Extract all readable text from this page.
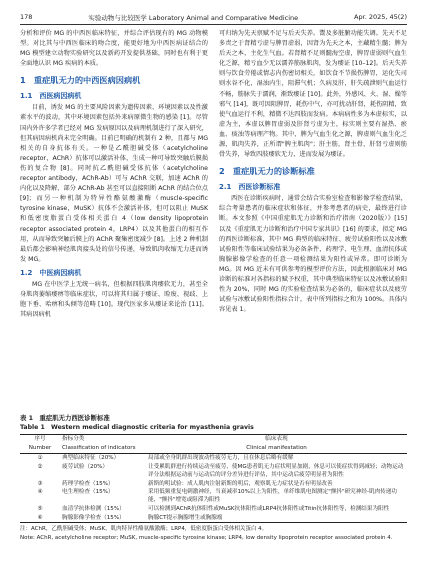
178	实验动物与比较医学 Laboratory Animal and Comparative Medicine	Apr. 2025, 45(2)

分析和评价 MG 的中西医临床特征，并综合评估现有的 MG 动物模型。对比其与中西医临床的吻合度，能更好地为中西医病证结合的 MG 模型建立动物实验研究以及新药开发提供基础，同时也有利于更全面地认识 MG 疾病的本质。

1　重症肌无力的中西医病因病机
1.1　西医病因病机

目前，诱发 MG 的主要风险因素为遗传因素、环境因素以及性激素水平的波动，其中环境因素包括外来病原微生物的感染 [1]。尽管国内外许多学者已经对 MG 发病原因以及病理机制进行了深入研究，但其病因病机尚未完全明确。目前已明确的机制有 2 种，且都与 MG 相关的自身抗体有关。一种是乙酰胆碱受体（acetylcholine receptor，AChR）抗体可以激活补体，生成一种可导致突触后膜损伤的复合物 [8]。同时抗乙酰胆碱受体抗体（acetylcholine receptor antibody，AChR-Ab）可与 AChR 交联，加速 AChR 的内化以及降解，部分 AChR-Ab 甚至可以直接阻断 AChR 的结合位点 [9]；而另一种机制为特异性酪氨酸激酶（muscle-specific tyrosine kinase，MuSK）抗体不会激活补体，但可以阻止 MuSK 和低密度脂蛋白受体相关蛋白 4（low density lipoprotein receptor associated protein 4，LRP4）以及其他蛋白的相互作用，从而导致突触后膜上的 AChR 聚集密度减少 [8]。上述 2 种机制最后都会影响神经肌肉接头处的信号传递，导致肌肉收缩无力进而诱发 MG。

1.2　中医病因病机

MG 在中医学上无统一病名，但根据四肢肌肉痿软无力，甚至全身肌肉萎缩痿痹等临床症状，可以将其归属于痿证、睑废、视歧、上胞下垂、哈痹和头倾等范畴 [10]。现代医家多从痿证来论治 [11]。其病因病机

可归纳为先天禀赋不足与后天失养。鬻及多脏腑功能失调。先天不足多责之于肾精亏虚与脾胃虚弱，因肾为先天之本，主藏精生髓；脾为后天之本，主化生气血。若肾精不足则髓海空虚，脾胃虚弱则气血生化乏源，精亏血少无以濡养筋脉肌肉，发为痿证 [10–12]。后天失养则与饮食劳倦或情志内伤密切相关，如饮食不节损伤脾胃，运化失司则水谷不化，湿浊内生，阻滞气机；久病及肝，肝失疏泄则气血运行不畅，筋脉失于濡润，渐致痿证 [10]。此外，外感风、火、湿、燥等邪气 [14]，既可因阻脾胃，耗伤中气，亦可扰动肝肾，耗伤阴精，致使气血运行不利，精微不达四肢而发病。本病病性多为本虚标实，以虚为主，本虚以脾胃虚弱及肝肾亏虚为主，标实则主要有湿热、瘀血、痰浊等病理产物。其中，脾为气血生化之源，脾虚则气血生化乏源，肌肉失养，正所谓"脾主肌肉"；肝主筋，肾主骨，肝肾亏虚则筋骨失养，导致四肢痿软无力，进而发展为痿证。

2　重症肌无力的诊断标准
2.1　西医诊断标准

西医在诊断疾病时，通常会结合实验室检查和影像学检查结果，综合考量患者的临床症状和体征，并参考患者的病史，最终进行诊断。本文参照《中国重症肌无力诊断和治疗指南（2020版）》[15] 以及《重症肌无力诊断和治疗中国专家共识》[16] 的要求，拟定 MG 的西医诊断标准，其中 MG 典型的临床特征、疲劳试验阳性以及冰敷试验阳性等临床试验结果为必备条件，药理学、电生理、血清抗体或胸腺影像学检查的任意一项检测结果为阳性或异常。即可诊断为 MG。因 MG 近未有可供参考的模型评价方法，因此根据临床对 MG 诊断的标准对各指标的赋予权重，其中典型临床特征以及冰敷试验阳性为 20%，同时 MG 的实验检查结果为必备的，临床症状以及疲劳试验与冰敷试验阳性指标合计，表中所列指标之和为 100%。具体内容见表 1。

表 1　重症肌无力西医诊断标准
Table 1　Western medical diagnostic criteria for myasthenia gravis
序号	指标分类	临床表现
Number	Classification of indicators	Clinical manifestation
①	典型临床特征（20%）	局部或全身肌群出现波动性疲劳无力，且在休息后略有缓解
②	疲劳试验（20%）	让受累肌群进行持续运动至疲劳，使MG患者肌无力症状明显加剧，休息可以使症状得到减轻；动物运动评分法根据运动前与运动后的评分差异进行评估，其中运动后疲劳明显者为阳性
③	药理学检查（15%）	新斯的明试验：成人肌肉注射新斯的明后，观察肌无力症状是否有明显改善
④	电生理检查（15%）	采用低频重复电刺激神经，当衰减率10%以上为阳性，单纤维肌电图测定"颤抖"研究神经-肌肉传递功能，"颤抖"增宽或阻滞为阳性
⑤	血清学抗体检测（15%）	可以检测到AChR抗体阳性或MuSK抗体阳性或LRP4抗体阳性或Titin抗体阳性等，检测结果为阳性
⑥	胸腺影像学检查（15%）	胸腺CT提示胸腺增生或胸腺瘤
注：AChR，乙酰胆碱受体；MuSK，肌肉特异性酪氨酸激酶；LRP4，低密度脂蛋白受体相关蛋白 4。
Note: AChR, acetylcholine receptor; MuSK, muscle-specific tyrosine kinase; LRP4, low density lipoprotein receptor associated protein 4.
